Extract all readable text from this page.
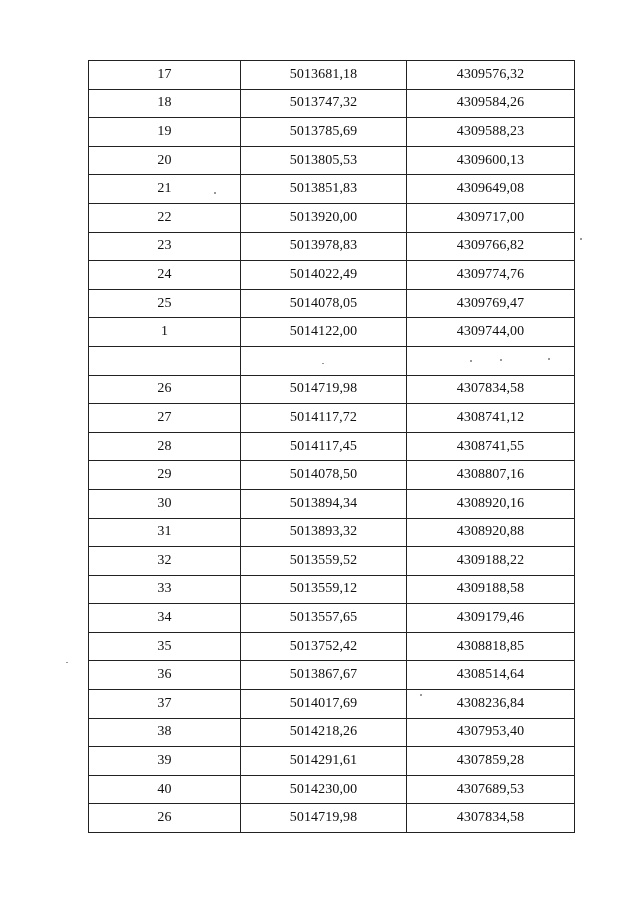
17	5013681,18	4309576,32
18	5013747,32	4309584,26
19	5013785,69	4309588,23
20	5013805,53	4309600,13
21	5013851,83	4309649,08
22	5013920,00	4309717,00
23	5013978,83	4309766,82
24	5014022,49	4309774,76
25	5014078,05	4309769,47
1	5014122,00	4309744,00

26	5014719,98	4307834,58
27	5014117,72	4308741,12
28	5014117,45	4308741,55
29	5014078,50	4308807,16
30	5013894,34	4308920,16
31	5013893,32	4308920,88
32	5013559,52	4309188,22
33	5013559,12	4309188,58
34	5013557,65	4309179,46
35	5013752,42	4308818,85
36	5013867,67	4308514,64
37	5014017,69	4308236,84
38	5014218,26	4307953,40
39	5014291,61	4307859,28
40	5014230,00	4307689,53
26	5014719,98	4307834,58
